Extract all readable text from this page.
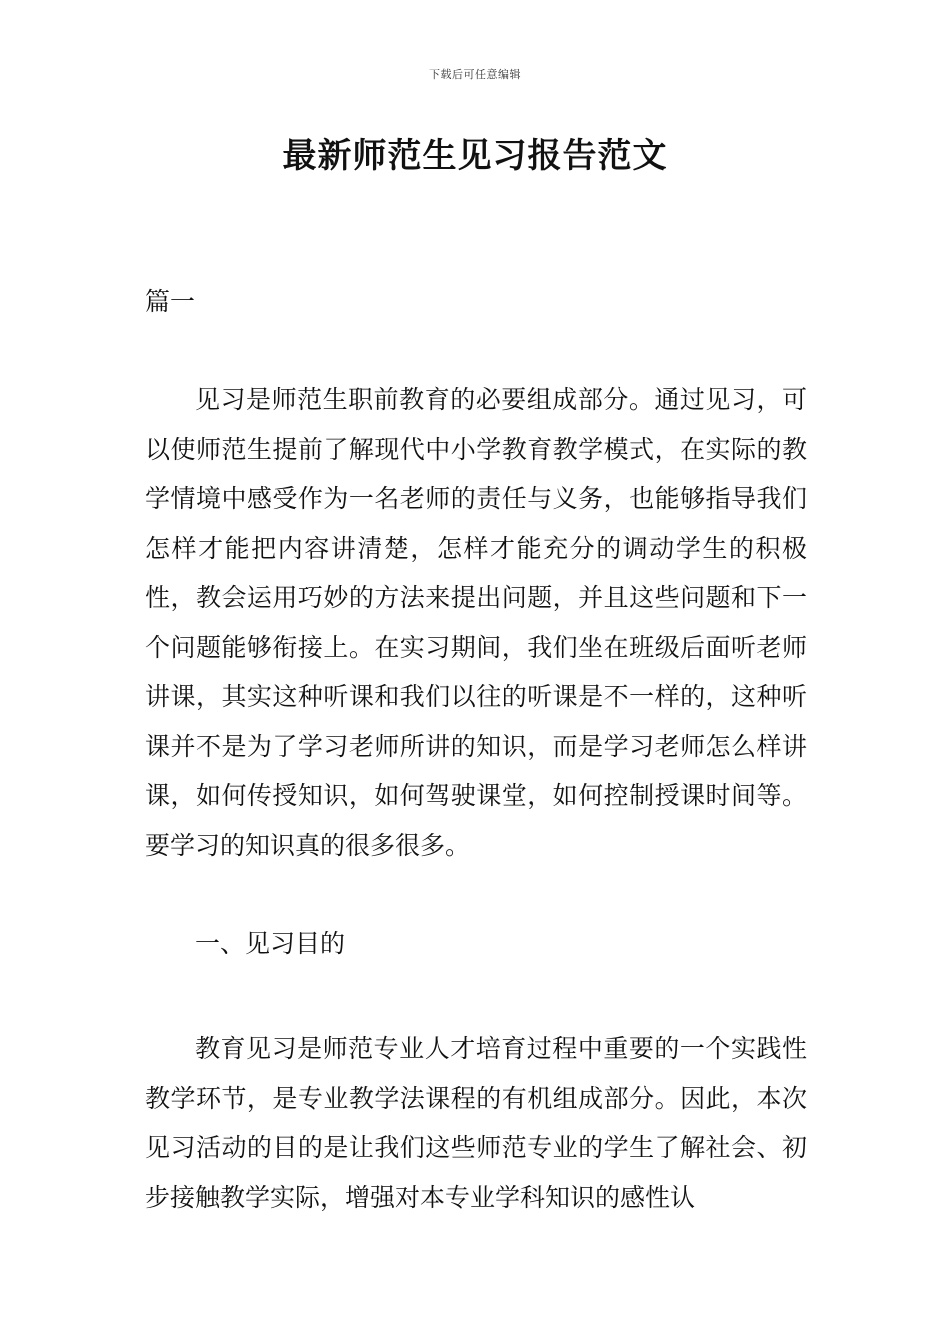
下载后可任意编辑
最新师范生见习报告范文

篇一

见习是师范生职前教育的必要组成部分。通过见习，可以使师范生提前了解现代中小学教育教学模式，在实际的教学情境中感受作为一名老师的责任与义务，也能够指导我们怎样才能把内容讲清楚，怎样才能充分的调动学生的积极性，教会运用巧妙的方法来提出问题，并且这些问题和下一个问题能够衔接上。在实习期间，我们坐在班级后面听老师讲课，其实这种听课和我们以往的听课是不一样的，这种听课并不是为了学习老师所讲的知识，而是学习老师怎么样讲课，如何传授知识，如何驾驶课堂，如何控制授课时间等。要学习的知识真的很多很多。

一、见习目的

教育见习是师范专业人才培育过程中重要的一个实践性教学环节，是专业教学法课程的有机组成部分。因此，本次见习活动的目的是让我们这些师范专业的学生了解社会、初步接触教学实际，增强对本专业学科知识的感性认
